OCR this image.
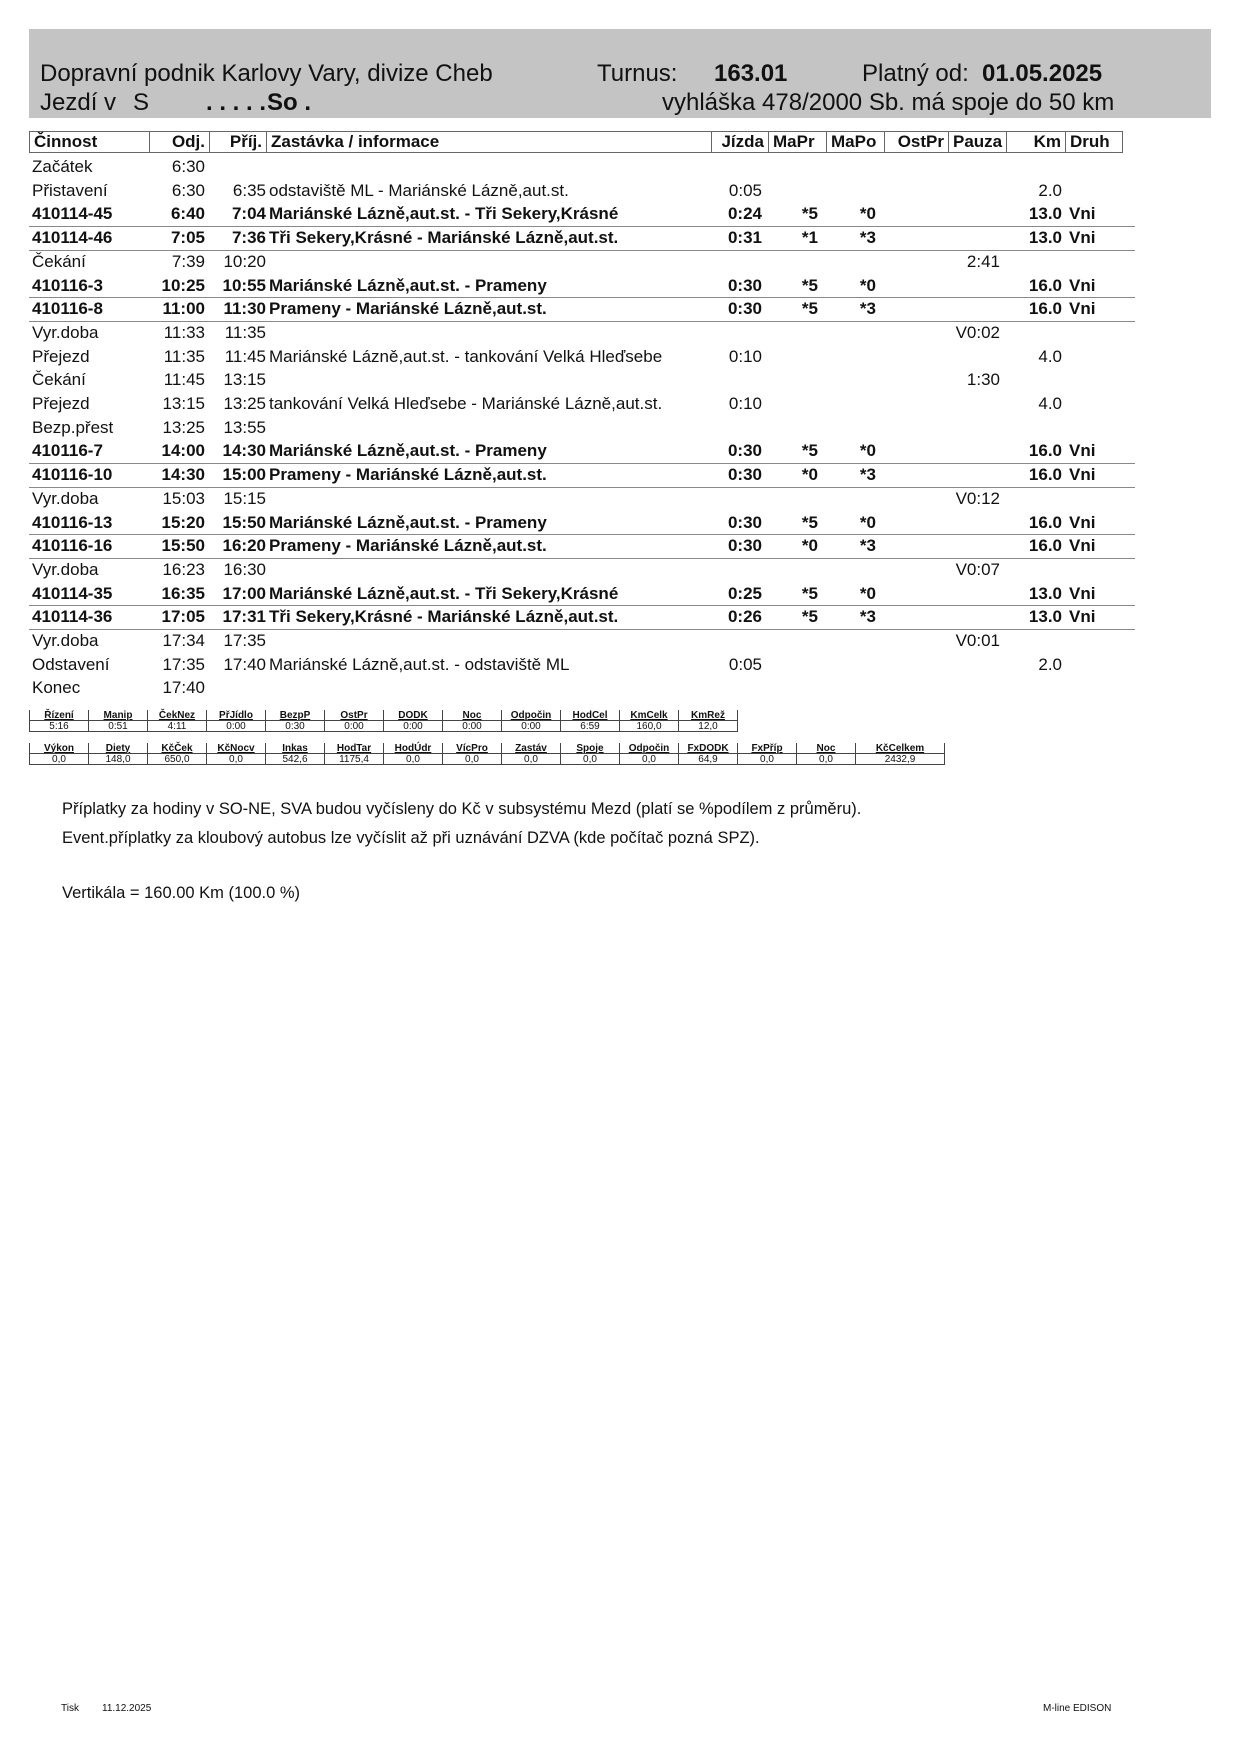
Dopravní podnik Karlovy Vary, divize Cheb	Turnus: 163.01	Platný od: 01.05.2025
Jezdí v S . . . . . So .	vyhláška 478/2000 Sb. má spoje do 50 km
Činnost	Odj.	Příj. Zastávka / informace	Jízda MaPr MaPo	OstPr Pauza	Km Druh
Začátek	6:30
Přistavení	6:30	6:35 odstaviště ML - Mariánské Lázně,aut.st.	0:05	2.0
410114-45	6:40	7:04 Mariánské Lázně,aut.st. - Tři Sekery,Krásné	0:24	*5	*0	13.0 Vni
410114-46	7:05	7:36 Tři Sekery,Krásné - Mariánské Lázně,aut.st.	0:31	*1	*3	13.0 Vni
Čekání	7:39	10:20	2:41
410116-3	10:25	10:55 Mariánské Lázně,aut.st. - Prameny	0:30	*5	*0	16.0 Vni
410116-8	11:00	11:30 Prameny - Mariánské Lázně,aut.st.	0:30	*5	*3	16.0 Vni
Vyr.doba	11:33	11:35	V0:02
Přejezd	11:35	11:45 Mariánské Lázně,aut.st. - tankování Velká Hleďsebe	0:10	4.0
Čekání	11:45	13:15	1:30
Přejezd	13:15	13:25 tankování Velká Hleďsebe - Mariánské Lázně,aut.st.	0:10	4.0
Bezp.přest	13:25	13:55
410116-7	14:00	14:30 Mariánské Lázně,aut.st. - Prameny	0:30	*5	*0	16.0 Vni
410116-10	14:30	15:00 Prameny - Mariánské Lázně,aut.st.	0:30	*0	*3	16.0 Vni
Vyr.doba	15:03	15:15	V0:12
410116-13	15:20	15:50 Mariánské Lázně,aut.st. - Prameny	0:30	*5	*0	16.0 Vni
410116-16	15:50	16:20 Prameny - Mariánské Lázně,aut.st.	0:30	*0	*3	16.0 Vni
Vyr.doba	16:23	16:30	V0:07
410114-35	16:35	17:00 Mariánské Lázně,aut.st. - Tři Sekery,Krásné	0:25	*5	*0	13.0 Vni
410114-36	17:05	17:31 Tři Sekery,Krásné - Mariánské Lázně,aut.st.	0:26	*5	*3	13.0 Vni
Vyr.doba	17:34	17:35	V0:01
Odstavení	17:35	17:40 Mariánské Lázně,aut.st. - odstaviště ML	0:05	2.0
Konec	17:40
Řízení	Manip	ČekNez	PřJídlo	BezpP	OstPr	DODK	Noc	Odpočin	HodCel	KmCelk	KmRež
5:16	0:51	4:11	0:00	0:30	0:00	0:00	0:00	0:00	6:59	160,0	12,0
Výkon	Diety	KčČek	KčNocv	Inkas	HodTar	HodÚdr	VícPro	Zastáv	Spoje	Odpočin	FxDODK	FxPříp	Noc	KčCelkem
0,0	148,0	650,0	0,0	542,6	1175,4	0,0	0,0	0,0	0,0	0,0	64,9	0,0	0,0	2432,9
Příplatky za hodiny v SO-NE, SVA budou vyčísleny do Kč v subsystému Mezd (platí se %podílem z průměru).
Event.příplatky za kloubový autobus lze vyčíslit až při uznávání DZVA (kde počítač pozná SPZ).
Vertikála = 160.00 Km (100.0 %)
Tisk 11.12.2025	M-line EDISON
